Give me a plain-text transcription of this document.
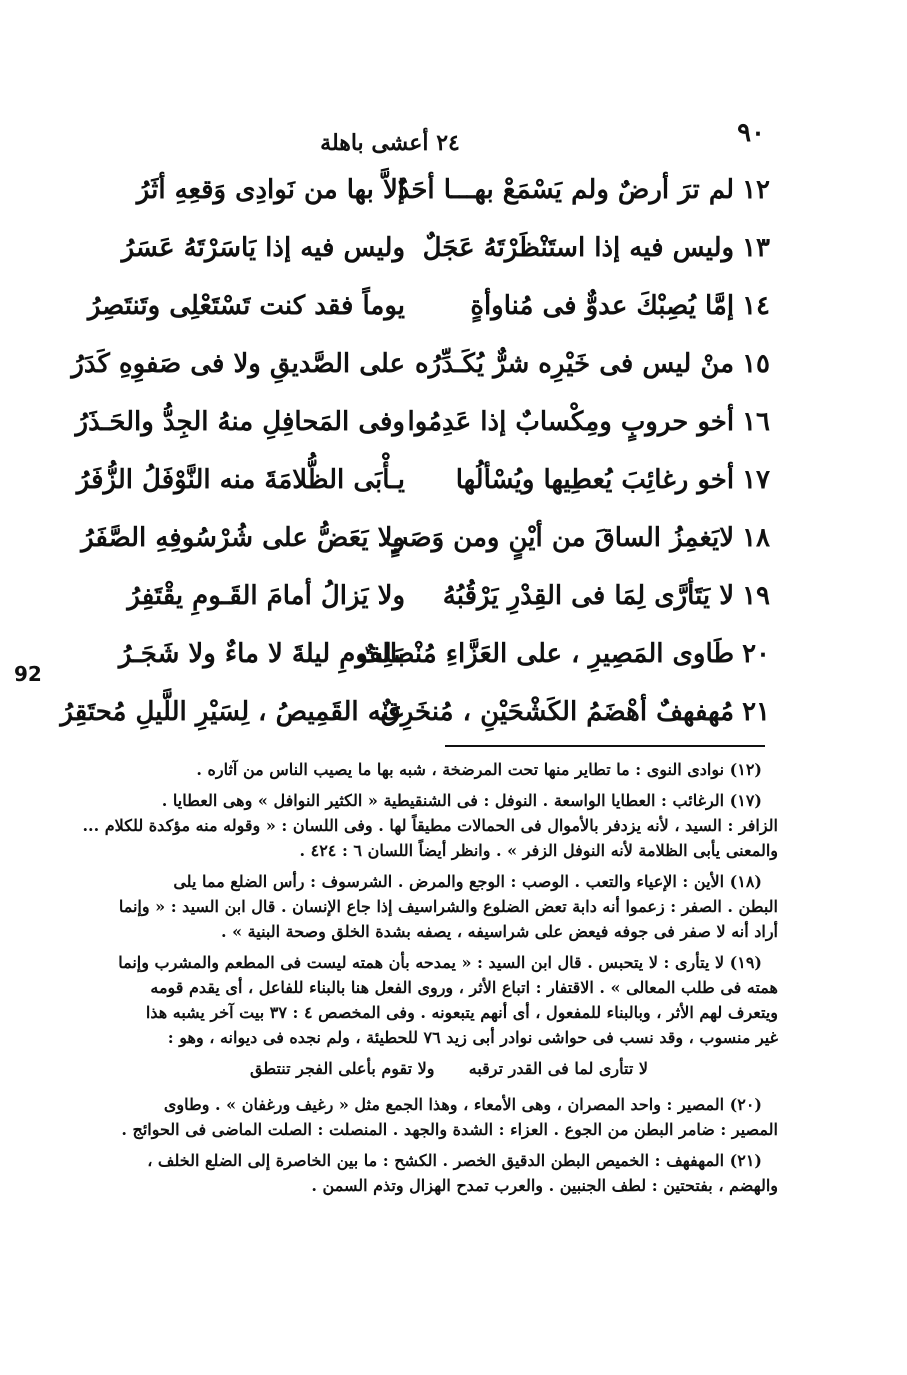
٩٠
٢٤ أعشى باهلة
92
١٢لم ترَ أرضٌ ولم يَسْمَعْ بهـــا أحَدٌ
إلاَّ بها من نَوادِى وَقعِهِ أثَرُ
١٣وليس فيه إذا استَنْظَرْتَهُ عَجَلٌ
وليس فيه إذا يَاسَرْتَهُ عَسَرُ
١٤إمَّا يُصِبْكَ عدوٌّ فى مُناوأةٍ
يوماً فقد كنت تَسْتَعْلِى وتَنتَصِرُ
١٥منْ ليس فى خَيْرِه شرٌّ يُكَـدِّرُه
على الصَّديقِ ولا فى صَفوِهِ كَدَرُ
١٦أخو حروبٍ ومِكْسابٌ إذا عَدِمُوا
وفى المَحافِلِ منهُ الجِدُّ والحَـذَرُ
١٧أخو رغائِبَ يُعطِيها ويُسْألُها
يـأْبَى الظُّلامَةَ منه النَّوْفَلُ الزُّفَرُ
١٨لايَغمِزُ الساقَ من أيْنٍ ومن وَصَبٍ
ولا يَعَضُّ على شُرْسُوفِهِ الصَّفَرُ
١٩لا يَتَأرَّى لِمَا فى القِدْرِ يَرْقُبُهُ
ولا يَزالُ أمامَ القَـومِ يقْتَفِرُ
٢٠طَاوى المَصِيرِ ، على العَزَّاءِ مُنْصَلِتٌ
بالقومِ ليلةَ لا ماءٌ ولا شَجَـرُ
٢١مُهفهفٌ أهْضَمُ الكَشْحَيْنِ ، مُنخَرِقٌ
عنه القَمِيصُ ، لِسَيْرِ اللَّيلِ مُحتَقِرُ
(١٢) نوادى النوى : ما تطاير منها تحت المرضخة ، شبه بها ما يصيب الناس من آثاره .
(١٧) الرغائب : العطايا الواسعة . النوفل : فى الشنقيطية « الكثير النوافل » وهى العطايا .
الزافر : السيد ، لأنه يزدفر بالأموال فى الحمالات مطيقاً لها . وفى اللسان : « وقوله منه مؤكدة للكلام ...
والمعنى يأبى الظلامة لأنه النوفل الزفر » . وانظر أيضاً اللسان ٦ : ٤٢٤ .
(١٨) الأين : الإعياء والتعب . الوصب : الوجع والمرض . الشرسوف : رأس الضلع مما يلى
البطن . الصفر : زعموا أنه دابة تعض الضلوع والشراسيف إذا جاع الإنسان . قال ابن السيد : « وإنما
أراد أنه لا صفر فى جوفه فيعض على شراسيفه ، يصفه بشدة الخلق وصحة البنية » .
(١٩) لا يتأرى : لا يتحبس . قال ابن السيد : « يمدحه بأن همته ليست فى المطعم والمشرب وإنما
همته فى طلب المعالى » . الاقتفار : اتباع الأثر ، وروى الفعل هنا بالبناء للفاعل ، أى يقدم قومه
ويتعرف لهم الأثر ، وبالبناء للمفعول ، أى أنهم يتبعونه . وفى المخصص ٤ : ٣٧ بيت آخر يشبه هذا
غير منسوب ، وقد نسب فى حواشى نوادر أبى زيد ٧٦ للحطيئة ، ولم نجده فى ديوانه ، وهو :
لا تتأرى لما فى القدر ترقبه
ولا تقوم بأعلى الفجر تنتطق
(٢٠) المصير : واحد المصران ، وهى الأمعاء ، وهذا الجمع مثل « رغيف ورغفان » . وطاوى
المصير : ضامر البطن من الجوع . العزاء : الشدة والجهد . المنصلت : الصلت الماضى فى الحوائج .
(٢١) المهفهف : الخميص البطن الدقيق الخصر . الكشح : ما بين الخاصرة إلى الضلع الخلف ،
والهضم ، بفتحتين : لطف الجنبين . والعرب تمدح الهزال وتذم السمن .
